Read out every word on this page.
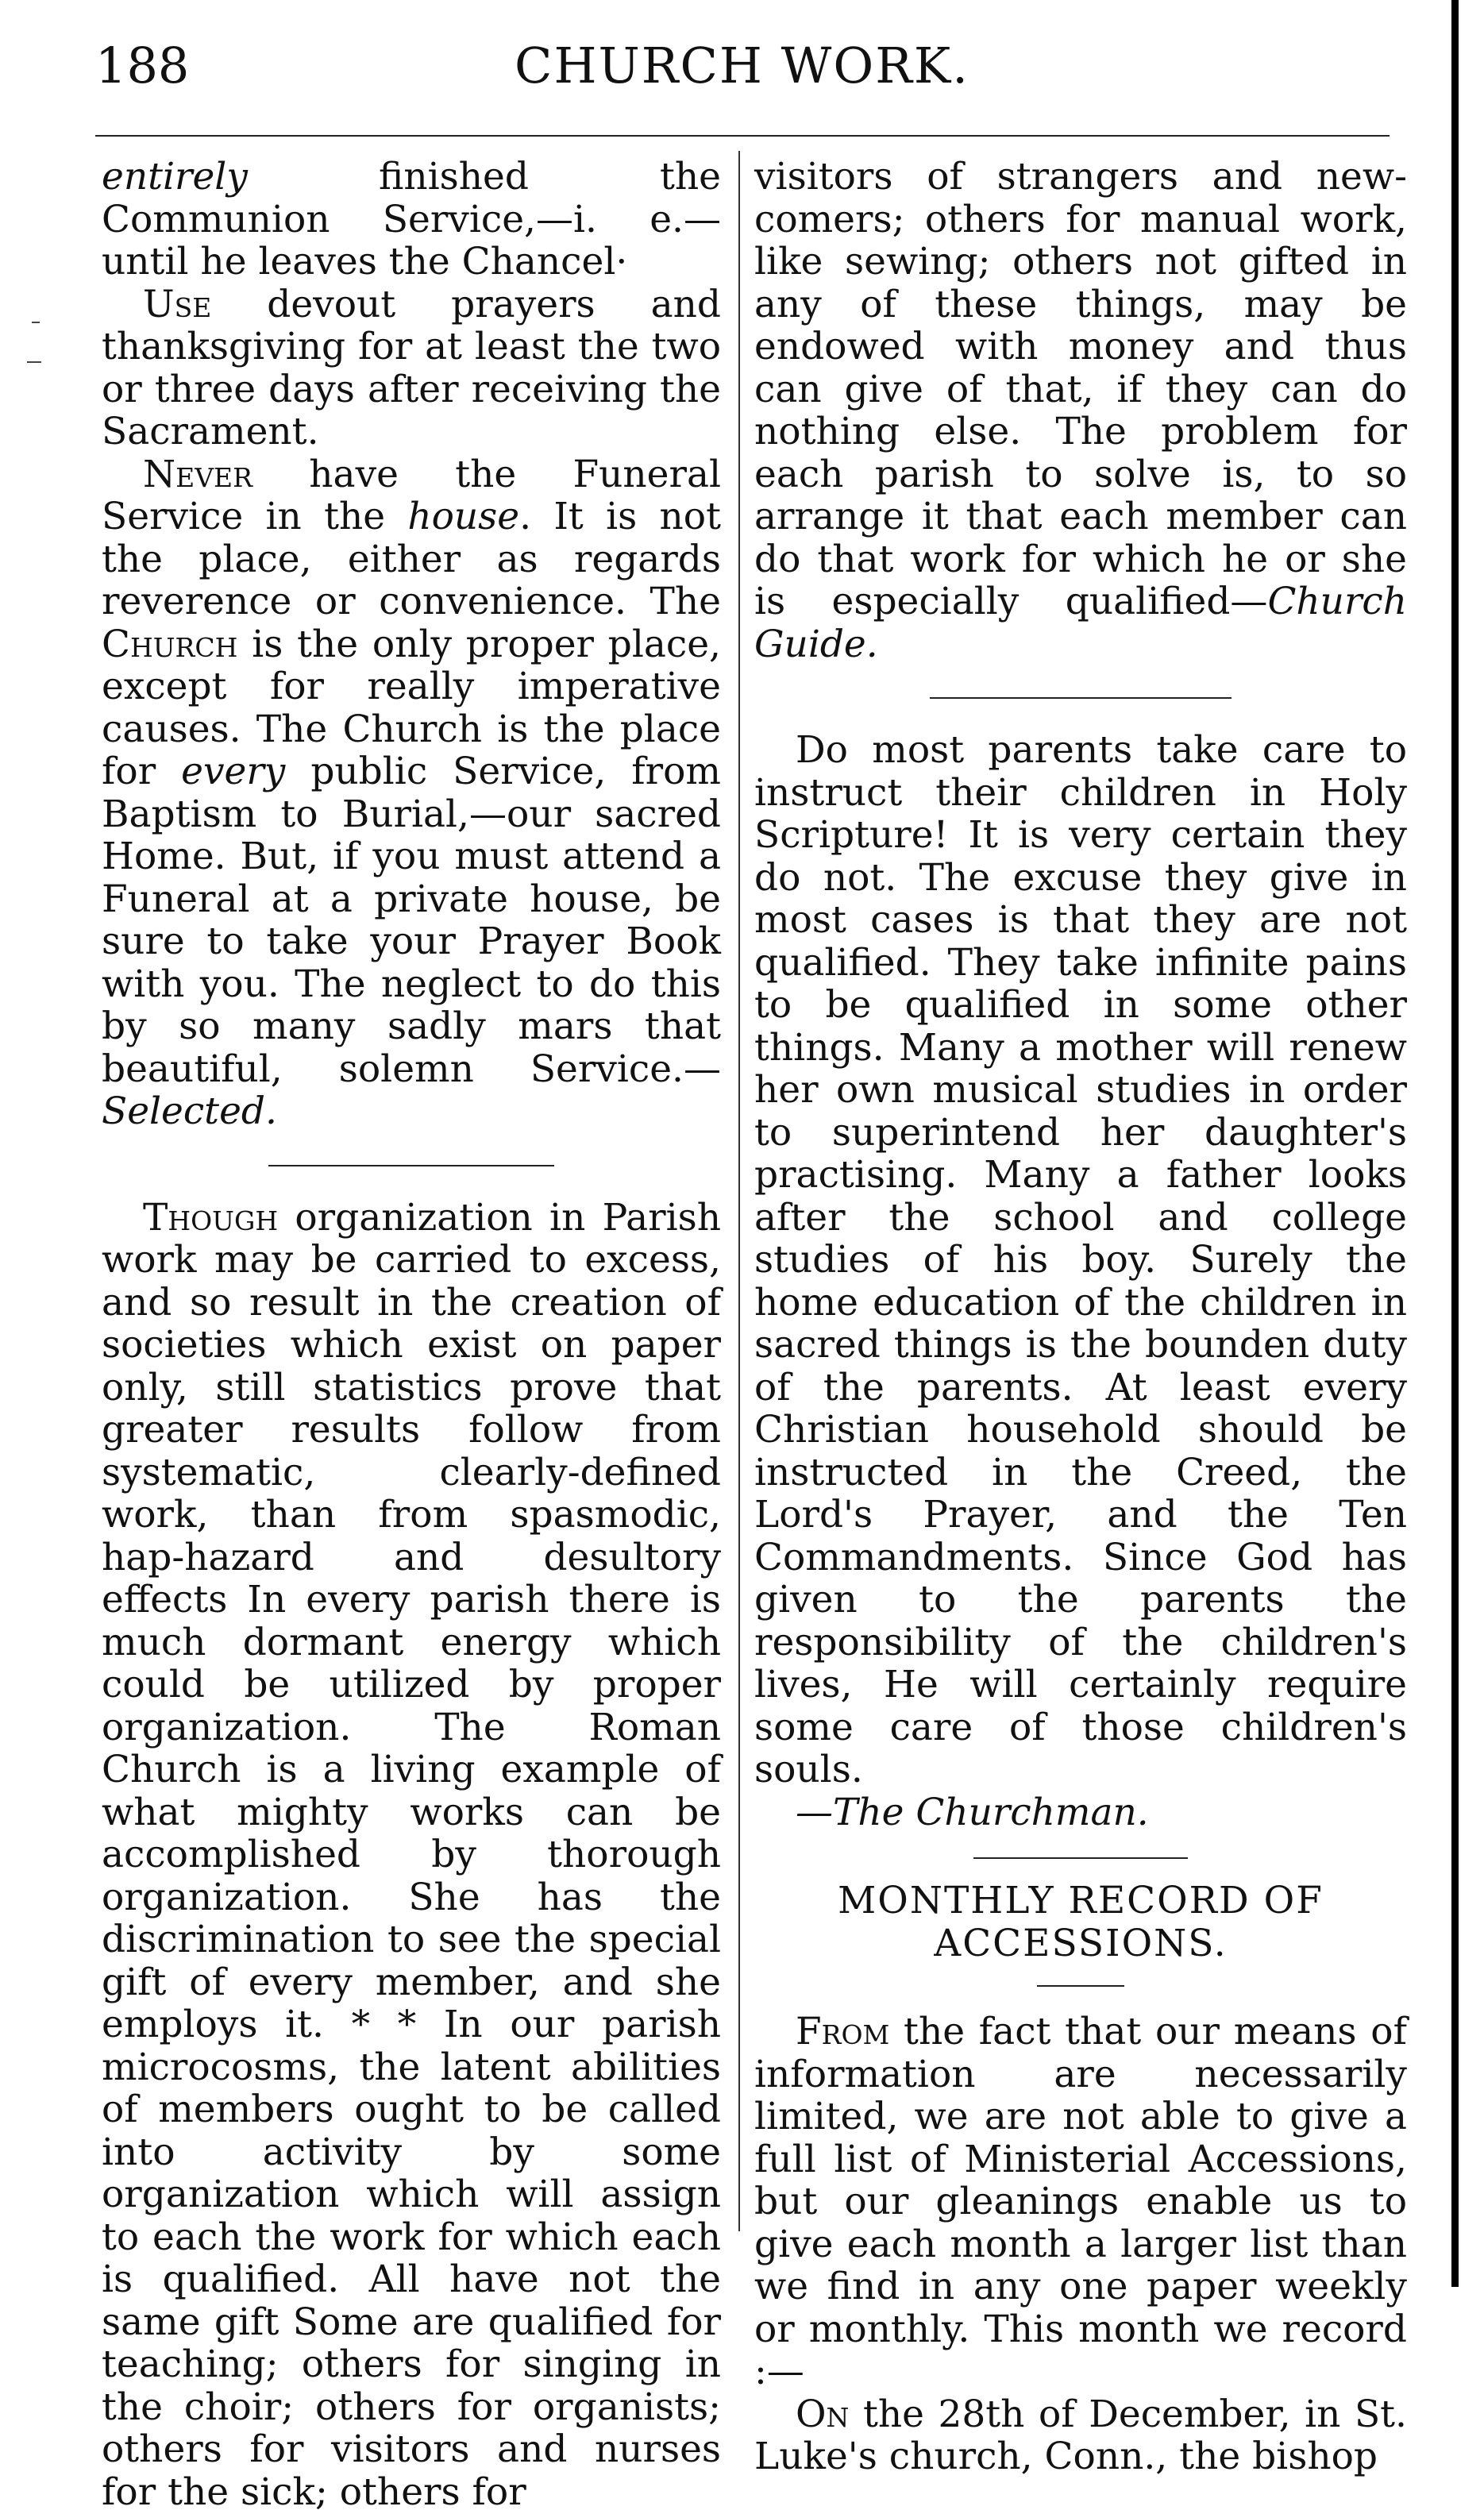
188	CHURCH WORK.

entirely finished the Communion Service,—i. e.—until he leaves the Chancel·

Use devout prayers and thanksgiving for at least the two or three days after receiving the Sacrament.

Never have the Funeral Service in the house. It is not the place, either as regards reverence or convenience. The Church is the only proper place, except for really imperative causes. The Church is the place for every public Service, from Baptism to Burial,—our sacred Home. But, if you must attend a Funeral at a private house, be sure to take your Prayer Book with you. The neglect to do this by so many sadly mars that beautiful, solemn Service.—Selected.

Though organization in Parish work may be carried to excess, and so result in the creation of societies which exist on paper only, still statistics prove that greater results follow from systematic, clearly-defined work, than from spasmodic, hap-hazard and desultory effects In every parish there is much dormant energy which could be utilized by proper organization. The Roman Church is a living example of what mighty works can be accomplished by thorough organization. She has the discrimination to see the special gift of every member, and she employs it. * * In our parish microcosms, the latent abilities of members ought to be called into activity by some organization which will assign to each the work for which each is qualified. All have not the same gift Some are qualified for teaching; others for singing in the choir; others for organists; others for visitors and nurses for the sick; others for

visitors of strangers and new-comers; others for manual work, like sewing; others not gifted in any of these things, may be endowed with money and thus can give of that, if they can do nothing else. The problem for each parish to solve is, to so arrange it that each member can do that work for which he or she is especially qualified—Church Guide.

Do most parents take care to instruct their children in Holy Scripture! It is very certain they do not. The excuse they give in most cases is that they are not qualified. They take infinite pains to be qualified in some other things. Many a mother will renew her own musical studies in order to superintend her daughter's practising. Many a father looks after the school and college studies of his boy. Surely the home education of the children in sacred things is the bounden duty of the parents. At least every Christian household should be instructed in the Creed, the Lord's Prayer, and the Ten Commandments. Since God has given to the parents the responsibility of the children's lives, He will certainly require some care of those children's souls.

—The Churchman.

MONTHLY RECORD OF ACCESSIONS.

From the fact that our means of information are necessarily limited, we are not able to give a full list of Ministerial Accessions, but our gleanings enable us to give each month a larger list than we find in any one paper weekly or monthly. This month we record :—

On the 28th of December, in St. Luke's church, Conn., the bishop
